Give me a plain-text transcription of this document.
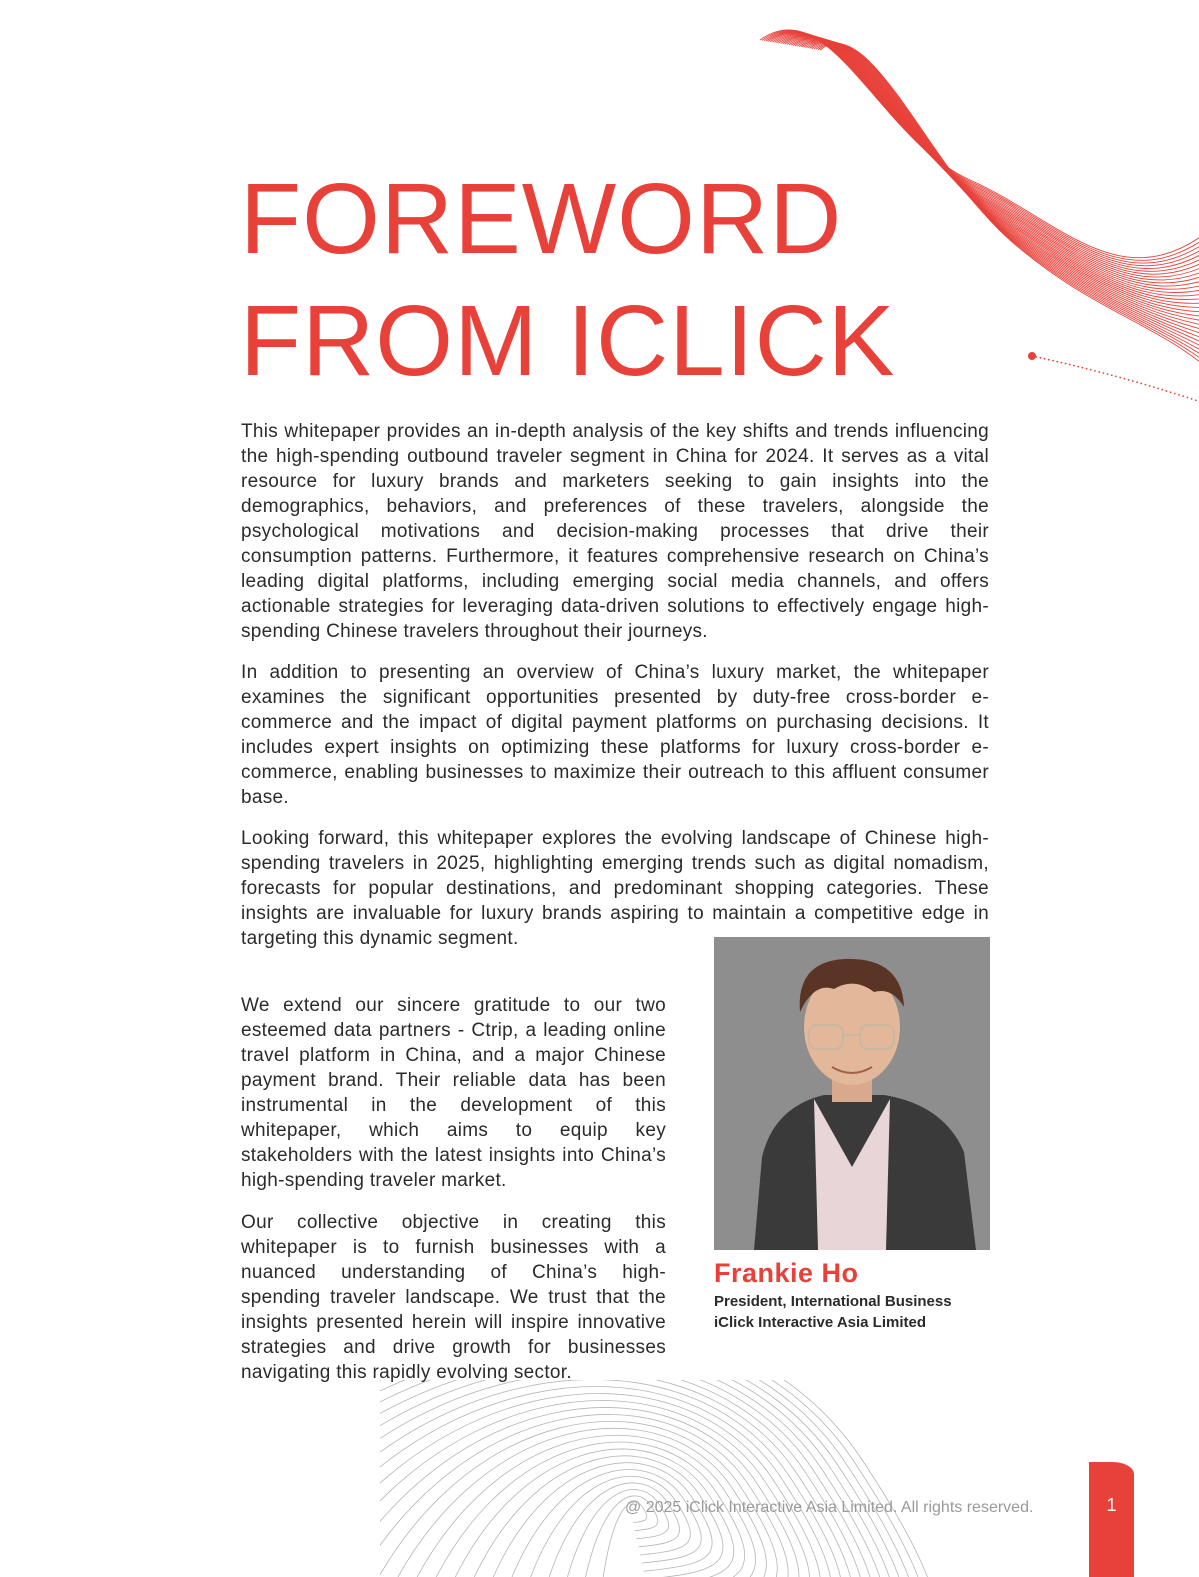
FOREWORD
FROM ICLICK

This whitepaper provides an in-depth analysis of the key shifts and trends influencing the high-spending outbound traveler segment in China for 2024. It serves as a vital resource for luxury brands and marketers seeking to gain insights into the demographics, behaviors, and preferences of these travelers, alongside the psychological motivations and decision-making processes that drive their consumption patterns. Furthermore, it features comprehensive research on China’s leading digital platforms, including emerging social media channels, and offers actionable strategies for leveraging data-driven solutions to effectively engage high-spending Chinese travelers throughout their journeys.

In addition to presenting an overview of China’s luxury market, the whitepaper examines the significant opportunities presented by duty-free cross-border e-commerce and the impact of digital payment platforms on purchasing decisions. It includes expert insights on optimizing these platforms for luxury cross-border e-commerce, enabling businesses to maximize their outreach to this affluent consumer base.

Looking forward, this whitepaper explores the evolving landscape of Chinese high-spending travelers in 2025, highlighting emerging trends such as digital nomadism, forecasts for popular destinations, and predominant shopping categories. These insights are invaluable for luxury brands aspiring to maintain a competitive edge in targeting this dynamic segment.

We extend our sincere gratitude to our two esteemed data partners - Ctrip, a leading online travel platform in China, and a major Chinese payment brand. Their reliable data has been instrumental in the development of this whitepaper, which aims to equip key stakeholders with the latest insights into China’s high-spending traveler market.

Our collective objective in creating this whitepaper is to furnish businesses with a nuanced understanding of China’s high-spending traveler landscape. We trust that the insights presented herein will inspire innovative strategies and drive growth for businesses navigating this rapidly evolving sector.

Frankie Ho

President, International Business

iClick Interactive Asia Limited

@ 2025 iClick Interactive Asia Limited. All rights reserved.	1
